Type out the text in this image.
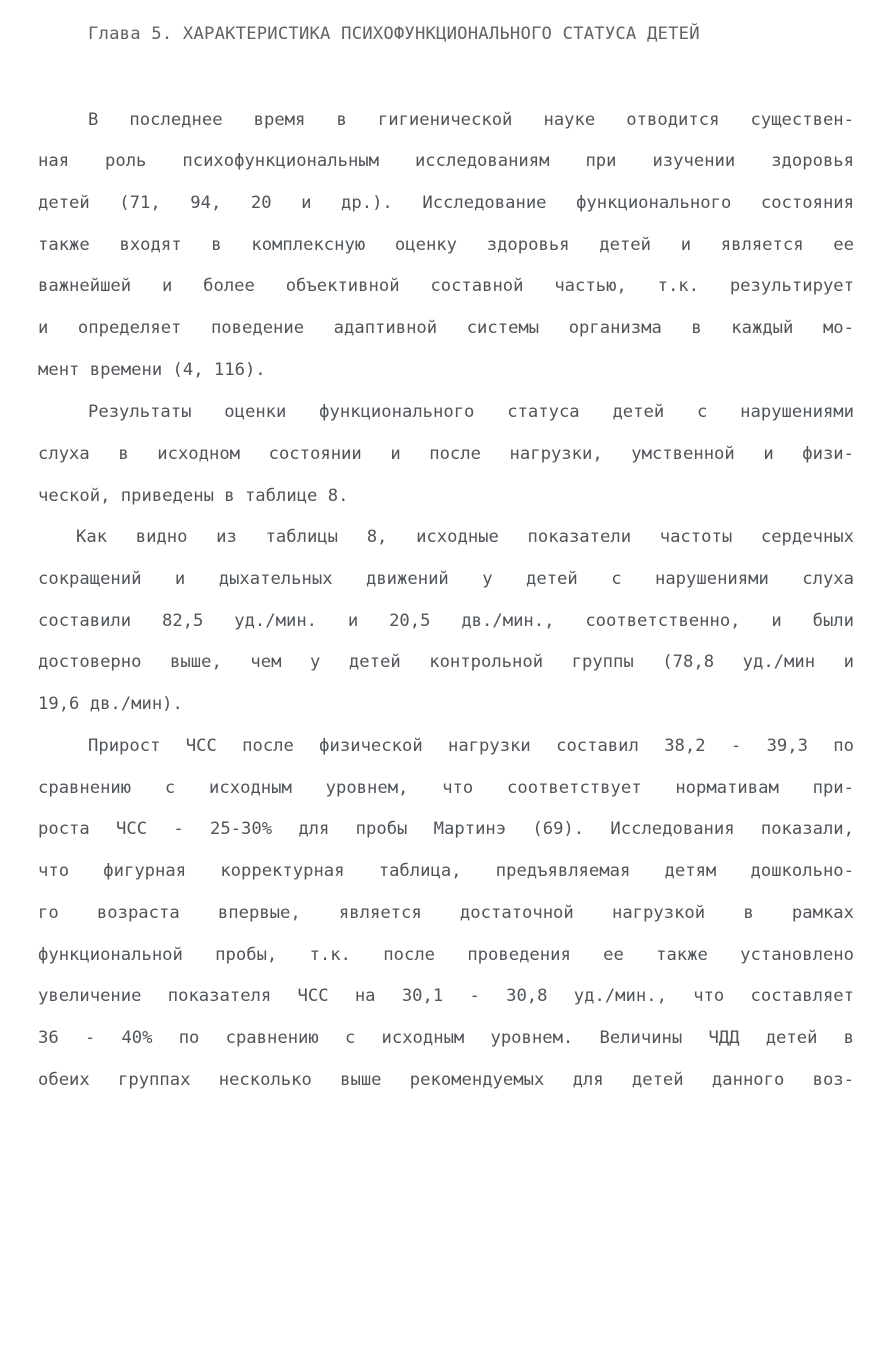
Глава 5. ХАРАКТЕРИСТИКА ПСИХОФУНКЦИОНАЛЬНОГО СТАТУСА ДЕТЕЙ
В последнее время в гигиенической науке отводится существен-
ная роль психофункциональным исследованиям при изучении здоровья
детей (71, 94, 20 и др.). Исследование функционального состояния
также входят в комплексную оценку здоровья детей и является ее
важнейшей и более объективной составной частью, т.к. результирует
и определяет поведение адаптивной системы организма в каждый мо-
мент времени (4, 116).
Результаты оценки функционального статуса детей с нарушениями
слуха в исходном состоянии и после нагрузки, умственной и физи-
ческой, приведены в таблице 8.
Как видно из таблицы 8, исходные показатели частоты сердечных
сокращений и дыхательных движений у детей с нарушениями слуха
составили 82,5 уд./мин. и 20,5 дв./мин., соответственно, и были
достоверно выше, чем у детей контрольной группы (78,8 уд./мин и
19,6 дв./мин).
Прирост ЧСС после физической нагрузки составил 38,2 - 39,3 по
сравнению с исходным уровнем, что соответствует нормативам при-
роста ЧСС - 25-30% для пробы Мартинэ (69). Исследования показали,
что фигурная корректурная таблица, предъявляемая детям дошкольно-
го возраста впервые, является достаточной нагрузкой в рамках
функциональной пробы, т.к. после проведения ее также установлено
увеличение показателя ЧСС на 30,1 - 30,8 уд./мин., что составляет
36 - 40% по сравнению с исходным уровнем. Величины ЧДД детей в
обеих группах несколько выше рекомендуемых для детей данного воз-
